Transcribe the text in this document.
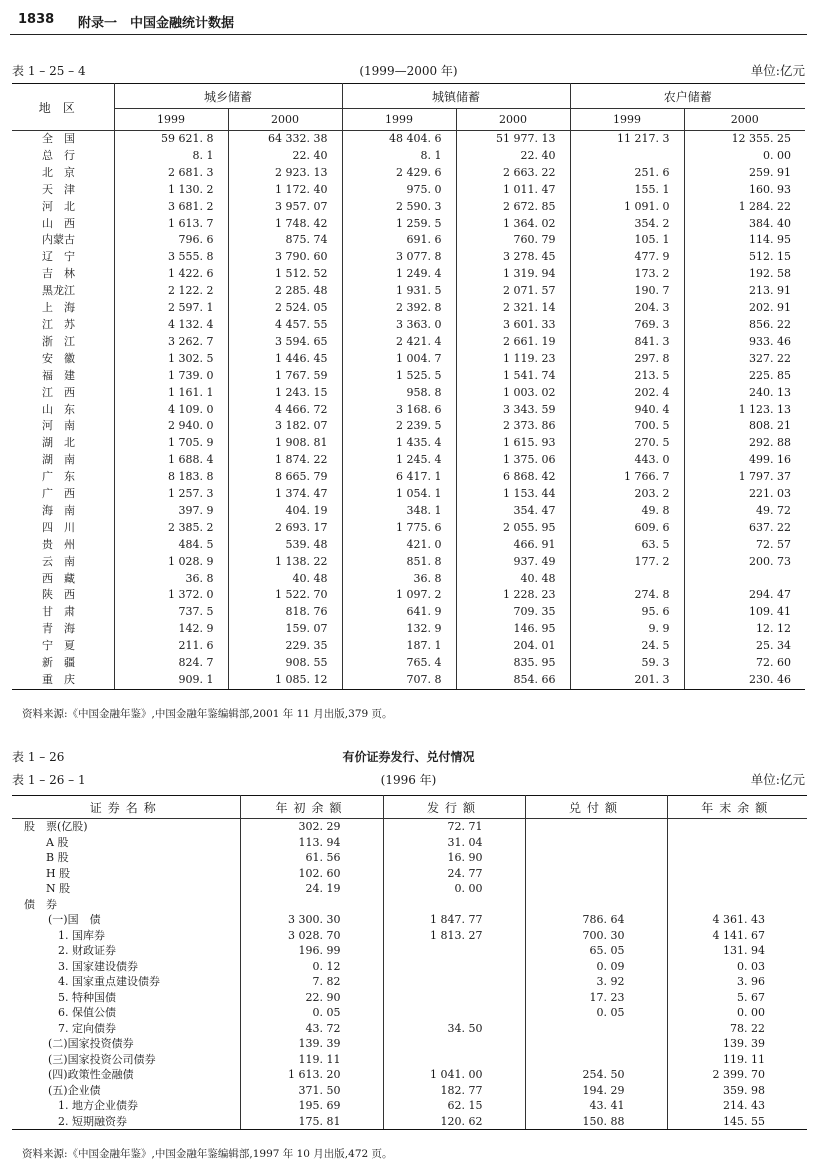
1838 附录一　中国金融统计数据
表 1 – 25 – 4	(1999—2000 年)	单位:亿元
地区	城乡储蓄		城镇储蓄		农户储蓄	
	1999	2000	1999	2000	1999	2000
全　国	59 621. 8	64 332. 38	48 404. 6	51 977. 13	11 217. 3	12 355. 25
总　行	8. 1	22. 40	8. 1	22. 40		0. 00
北　京	2 681. 3	2 923. 13	2 429. 6	2 663. 22	251. 6	259. 91
天　津	1 130. 2	1 172. 40	975. 0	1 011. 47	155. 1	160. 93
河　北	3 681. 2	3 957. 07	2 590. 3	2 672. 85	1 091. 0	1 284. 22
山　西	1 613. 7	1 748. 42	1 259. 5	1 364. 02	354. 2	384. 40
内蒙古	796. 6	875. 74	691. 6	760. 79	105. 1	114. 95
辽　宁	3 555. 8	3 790. 60	3 077. 8	3 278. 45	477. 9	512. 15
吉　林	1 422. 6	1 512. 52	1 249. 4	1 319. 94	173. 2	192. 58
黑龙江	2 122. 2	2 285. 48	1 931. 5	2 071. 57	190. 7	213. 91
上　海	2 597. 1	2 524. 05	2 392. 8	2 321. 14	204. 3	202. 91
江　苏	4 132. 4	4 457. 55	3 363. 0	3 601. 33	769. 3	856. 22
浙　江	3 262. 7	3 594. 65	2 421. 4	2 661. 19	841. 3	933. 46
安　徽	1 302. 5	1 446. 45	1 004. 7	1 119. 23	297. 8	327. 22
福　建	1 739. 0	1 767. 59	1 525. 5	1 541. 74	213. 5	225. 85
江　西	1 161. 1	1 243. 15	958. 8	1 003. 02	202. 4	240. 13
山　东	4 109. 0	4 466. 72	3 168. 6	3 343. 59	940. 4	1 123. 13
河　南	2 940. 0	3 182. 07	2 239. 5	2 373. 86	700. 5	808. 21
湖　北	1 705. 9	1 908. 81	1 435. 4	1 615. 93	270. 5	292. 88
湖　南	1 688. 4	1 874. 22	1 245. 4	1 375. 06	443. 0	499. 16
广　东	8 183. 8	8 665. 79	6 417. 1	6 868. 42	1 766. 7	1 797. 37
广　西	1 257. 3	1 374. 47	1 054. 1	1 153. 44	203. 2	221. 03
海　南	397. 9	404. 19	348. 1	354. 47	49. 8	49. 72
四　川	2 385. 2	2 693. 17	1 775. 6	2 055. 95	609. 6	637. 22
贵　州	484. 5	539. 48	421. 0	466. 91	63. 5	72. 57
云　南	1 028. 9	1 138. 22	851. 8	937. 49	177. 2	200. 73
西　藏	36. 8	40. 48	36. 8	40. 48		
陕　西	1 372. 0	1 522. 70	1 097. 2	1 228. 23	274. 8	294. 47
甘　肃	737. 5	818. 76	641. 9	709. 35	95. 6	109. 41
青　海	142. 9	159. 07	132. 9	146. 95	9. 9	12. 12
宁　夏	211. 6	229. 35	187. 1	204. 01	24. 5	25. 34
新　疆	824. 7	908. 55	765. 4	835. 95	59. 3	72. 60
重　庆	909. 1	1 085. 12	707. 8	854. 66	201. 3	230. 46
资料来源:《中国金融年鉴》,中国金融年鉴编辑部,2001 年 11 月出版,379 页。
表 1 – 26	有价证券发行、兑付情况
表 1 – 26 – 1	(1996 年)	单位:亿元
证券名称	年初余额	发行额	兑付额	年末余额
股　票(亿股)	302. 29	72. 71		
A 股	113. 94	31. 04		
B 股	61. 56	16. 90		
H 股	102. 60	24. 77		
N 股	24. 19	0. 00		
债　券				
(一)国　债	3 300. 30	1 847. 77	786. 64	4 361. 43
1. 国库券	3 028. 70	1 813. 27	700. 30	4 141. 67
2. 财政证券	196. 99		65. 05	131. 94
3. 国家建设债券	0. 12		0. 09	0. 03
4. 国家重点建设债券	7. 82		3. 92	3. 96
5. 特种国债	22. 90		17. 23	5. 67
6. 保值公债	0. 05		0. 05	0. 00
7. 定向债券	43. 72	34. 50		78. 22
(二)国家投资债券	139. 39			139. 39
(三)国家投资公司债券	119. 11			119. 11
(四)政策性金融债	1 613. 20	1 041. 00	254. 50	2 399. 70
(五)企业债	371. 50	182. 77	194. 29	359. 98
1. 地方企业债券	195. 69	62. 15	43. 41	214. 43
2. 短期融资券	175. 81	120. 62	150. 88	145. 55
资料来源:《中国金融年鉴》,中国金融年鉴编辑部,1997 年 10 月出版,472 页。
